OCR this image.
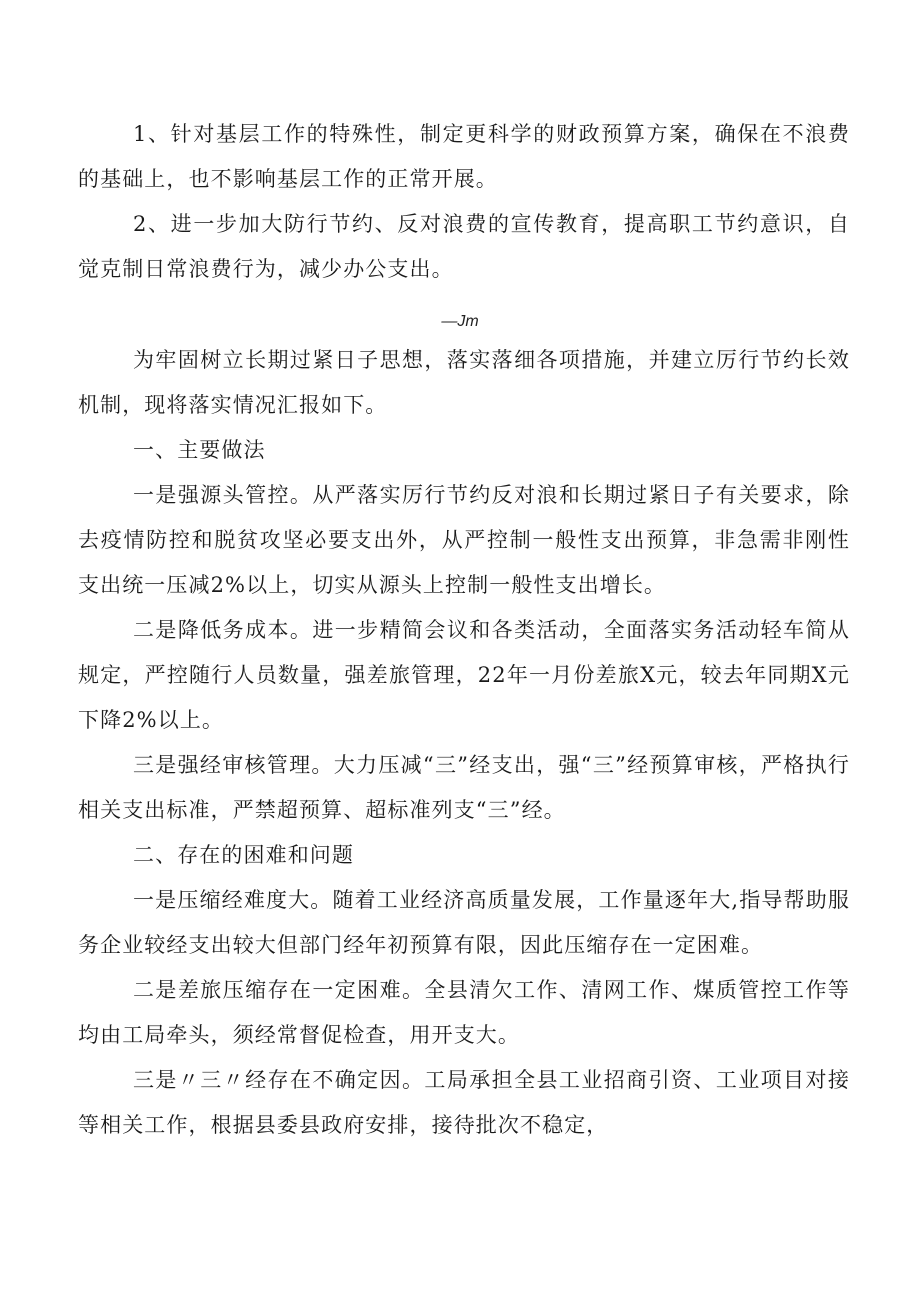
1、针对基层工作的特殊性，制定更科学的财政预算方案，确保在不浪费的基础上，也不影响基层工作的正常开展。

2、进一步加大防行节约、反对浪费的宣传教育，提高职工节约意识，自觉克制日常浪费行为，减少办公支出。

—Jm

为牢固树立长期过紧日子思想，落实落细各项措施，并建立厉行节约长效机制，现将落实情况汇报如下。

一、主要做法

一是强源头管控。从严落实厉行节约反对浪和长期过紧日子有关要求，除去疫情防控和脱贫攻坚必要支出外，从严控制一般性支出预算，非急需非刚性支出统一压减2%以上，切实从源头上控制一般性支出增长。

二是降低务成本。进一步精简会议和各类活动，全面落实务活动轻车简从规定，严控随行人员数量，强差旅管理，22年一月份差旅X元，较去年同期X元下降2%以上。

三是强经审核管理。大力压减“三”经支出，强“三”经预算审核，严格执行相关支出标准，严禁超预算、超标准列支“三”经。

二、存在的困难和问题

一是压缩经难度大。随着工业经济高质量发展，工作量逐年大,指导帮助服务企业较经支出较大但部门经年初预算有限，因此压缩存在一定困难。

二是差旅压缩存在一定困难。全县清欠工作、清网工作、煤质管控工作等均由工局牵头，须经常督促检查，用开支大。

三是〃三〃经存在不确定因。工局承担全县工业招商引资、工业项目对接等相关工作，根据县委县政府安排，接待批次不稳定，
